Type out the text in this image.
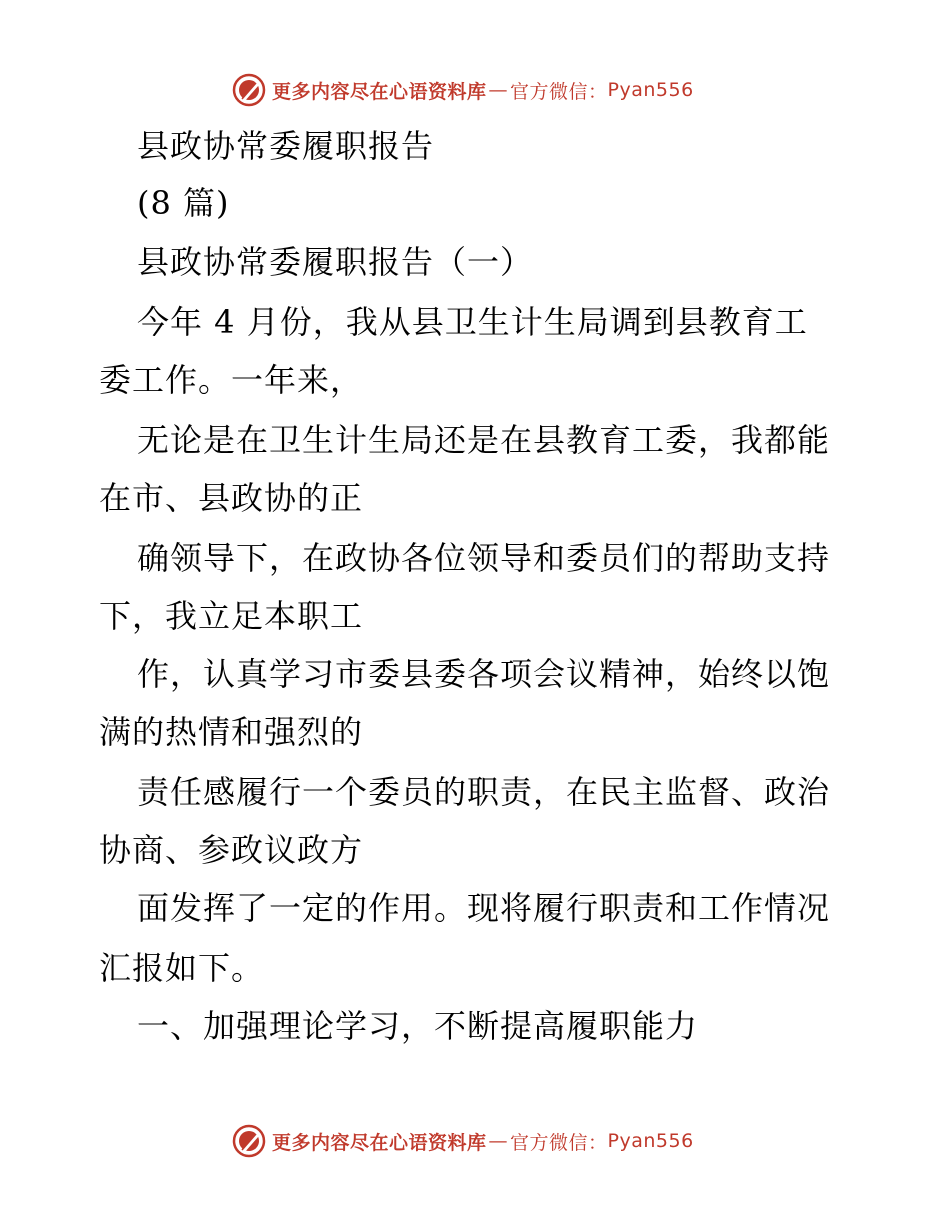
更多内容尽在心语资料库 — 官方微信： Pyan556
县政协常委履职报告
(8 篇)
县政协常委履职报告（一）
今年 4 月份，我从县卫生计生局调到县教育工
委工作。一年来，
无论是在卫生计生局还是在县教育工委，我都能
在市、县政协的正
确领导下，在政协各位领导和委员们的帮助支持
下，我立足本职工
作，认真学习市委县委各项会议精神，始终以饱
满的热情和强烈的
责任感履行一个委员的职责，在民主监督、政治
协商、参政议政方
面发挥了一定的作用。现将履行职责和工作情况
汇报如下。
一、加强理论学习，不断提高履职能力
更多内容尽在心语资料库 — 官方微信： Pyan556
